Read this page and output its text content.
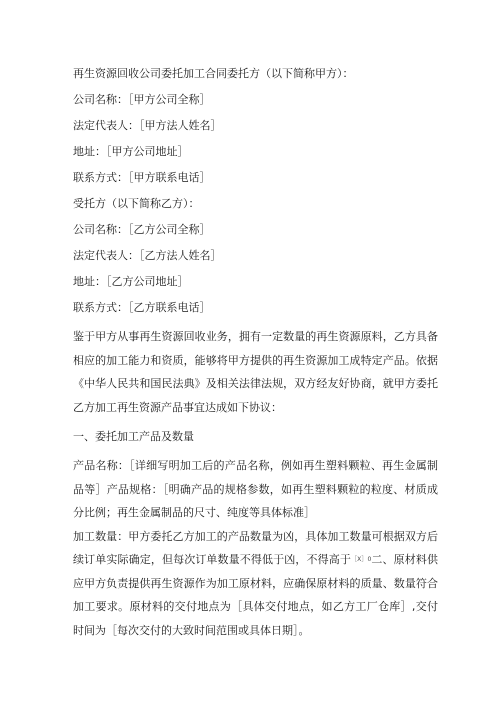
再生资源回收公司委托加工合同委托方（以下简称甲方）：

公司名称：［甲方公司全称］

法定代表人：［甲方法人姓名］

地址：［甲方公司地址］

联系方式：［甲方联系电话］

受托方（以下简称乙方）：

公司名称：［乙方公司全称］

法定代表人：［乙方法人姓名］

地址：［乙方公司地址］

联系方式：［乙方联系电话］

鉴于甲方从事再生资源回收业务，拥有一定数量的再生资源原料，乙方具备相应的加工能力和资质，能够将甲方提供的再生资源加工成特定产品。依据《中华人民共和国民法典》及相关法律法规，双方经友好协商，就甲方委托乙方加工再生资源产品事宜达成如下协议：

一、委托加工产品及数量

产品名称：［详细写明加工后的产品名称，例如再生塑料颗粒、再生金属制品等］产品规格：［明确产品的规格参数，如再生塑料颗粒的粒度、材质成分比例；再生金属制品的尺寸、纯度等具体标准］

加工数量：甲方委托乙方加工的产品数量为凶，具体加工数量可根据双方后续订单实际确定，但每次订单数量不得低于凶，不得高于［X］0二、原材料供应甲方负责提供再生资源作为加工原材料，应确保原材料的质量、数量符合加工要求。原材料的交付地点为［具体交付地点，如乙方工厂仓库］,交付时间为［每次交付的大致时间范围或具体日期］。
